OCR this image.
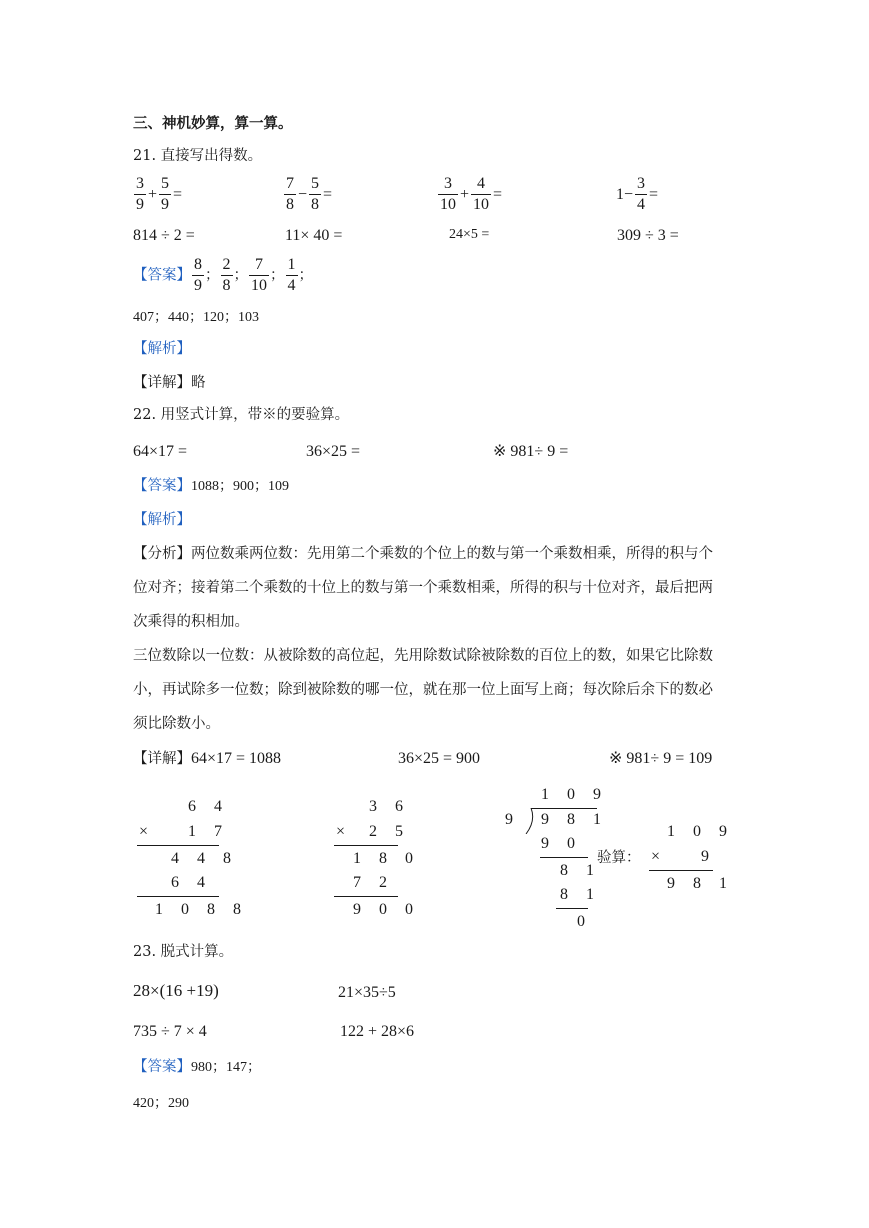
三、神机妙算，算一算。
21. 直接写出得数。
$\frac{3}{9} + \frac{5}{9}$ =	$\frac{7}{8} - \frac{5}{8}$ =	$\frac{3}{10} + \frac{4}{10}$ =	$1- \frac{3}{4}$ =
814 ÷ 2 =	11× 40 =	24×5 =	309 ÷ 3 =
【答案】 $\frac{8}{9}$ ； $\frac{2}{8}$ ； $\frac{7}{10}$ ； $\frac{1}{4}$ ；
407；440；120；103
【解析】
【详解】略
22. 用竖式计算，带※的要验算。
64×17 =	36×25 =	※ 981÷ 9 =
【答案】1088；900；109
【解析】
【分析】两位数乘两位数：先用第二个乘数的个位上的数与第一个乘数相乘，所得的积与个
位对齐；接着第二个乘数的十位上的数与第一个乘数相乘，所得的积与十位对齐，最后把两
次乘得的积相加。
三位数除以一位数：从被除数的高位起，先用除数试除被除数的百位上的数，如果它比除数
小，再试除多一位数；除到被除数的哪一位，就在那一位上面写上商；每次除后余下的数必
须比除数小。
【详解】64×17 = 1088	36×25 = 900	※ 981÷ 9 = 109
6 4
× 1 7
4 4 8
6 4
1 0 8 8
3 6
× 2 5
1 8 0
7 2
9 0 0
1 0 9
9 9 8 1
9 0
8 1
8 1
0
验算：
1 0 9
× 9
9 8 1
23. 脱式计算。
28×(16 +19)	21×35÷5
735 ÷ 7 × 4	122 + 28×6
【答案】980；147；
420；290
